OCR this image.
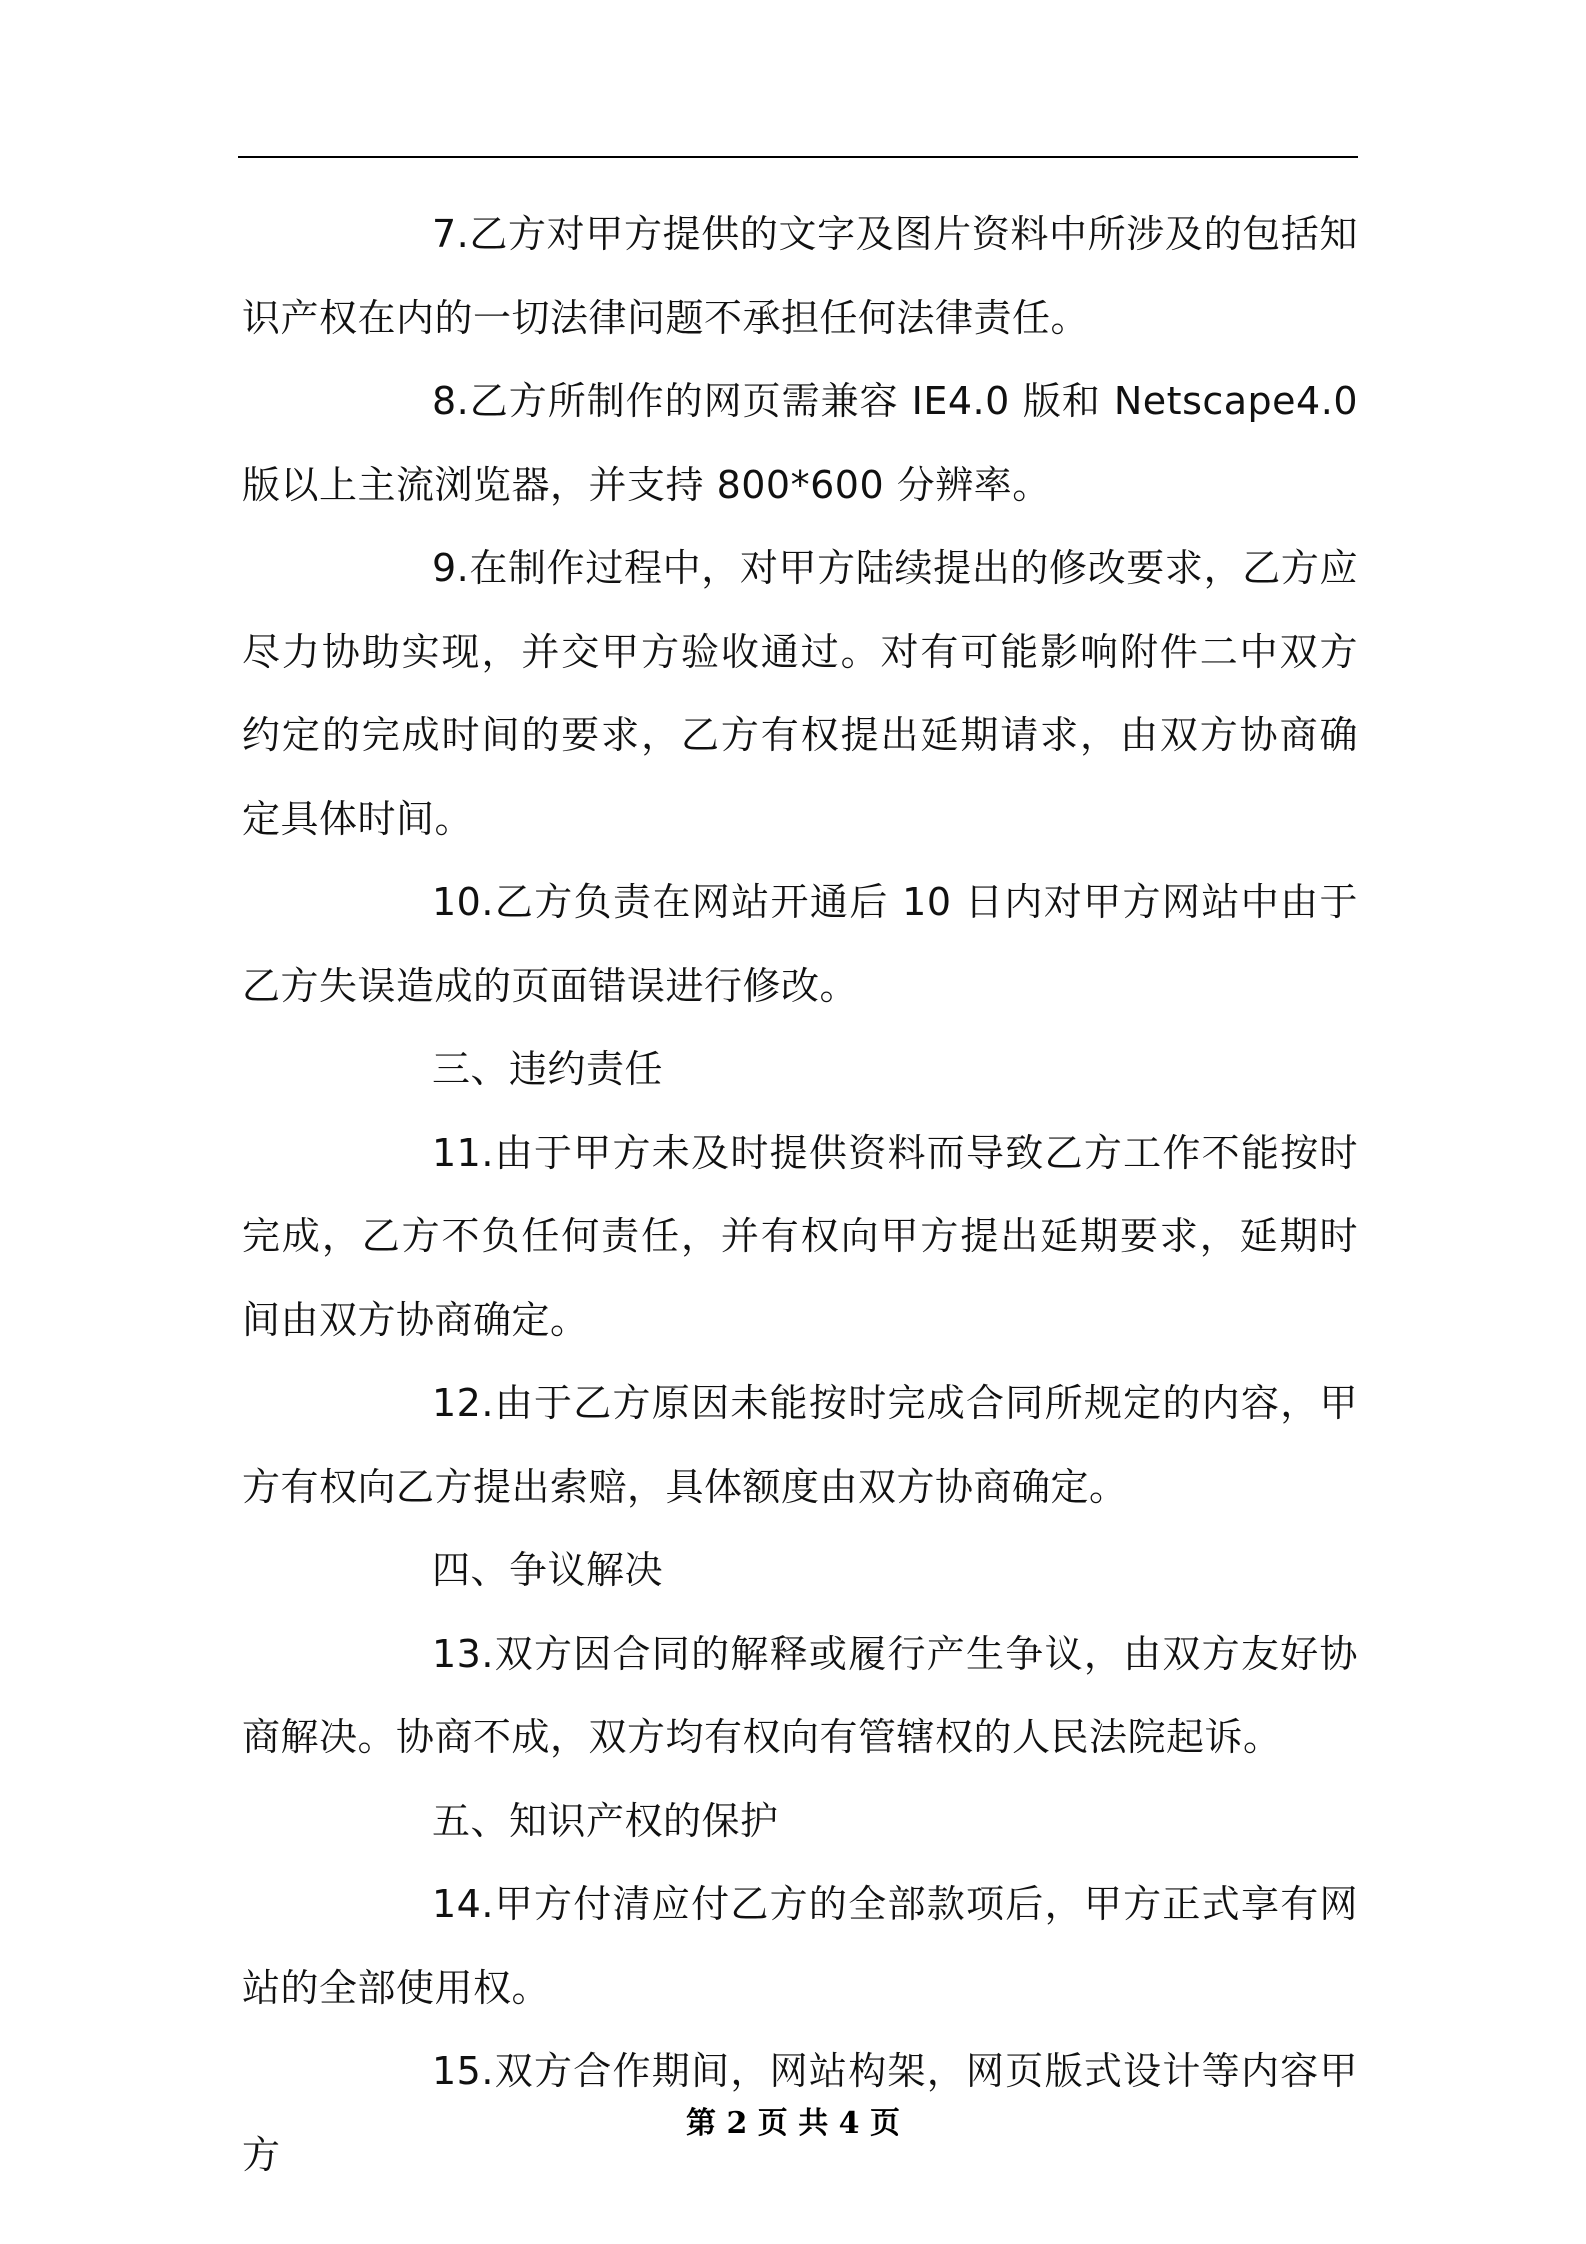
7.乙方对甲方提供的文字及图片资料中所涉及的包括知识产权在内的一切法律问题不承担任何法律责任。

8.乙方所制作的网页需兼容 IE4.0 版和 Netscape4.0 版以上主流浏览器，并支持 800*600 分辨率。

9.在制作过程中，对甲方陆续提出的修改要求，乙方应尽力协助实现，并交甲方验收通过。对有可能影响附件二中双方约定的完成时间的要求，乙方有权提出延期请求，由双方协商确定具体时间。

10.乙方负责在网站开通后 10 日内对甲方网站中由于乙方失误造成的页面错误进行修改。

三、违约责任

11.由于甲方未及时提供资料而导致乙方工作不能按时完成，乙方不负任何责任，并有权向甲方提出延期要求，延期时间由双方协商确定。

12.由于乙方原因未能按时完成合同所规定的内容，甲方有权向乙方提出索赔，具体额度由双方协商确定。

四、争议解决

13.双方因合同的解释或履行产生争议，由双方友好协商解决。协商不成，双方均有权向有管辖权的人民法院起诉。

五、知识产权的保护

14.甲方付清应付乙方的全部款项后，甲方正式享有网站的全部使用权。

15.双方合作期间，网站构架，网页版式设计等内容甲方

第 2 页 共 4 页
